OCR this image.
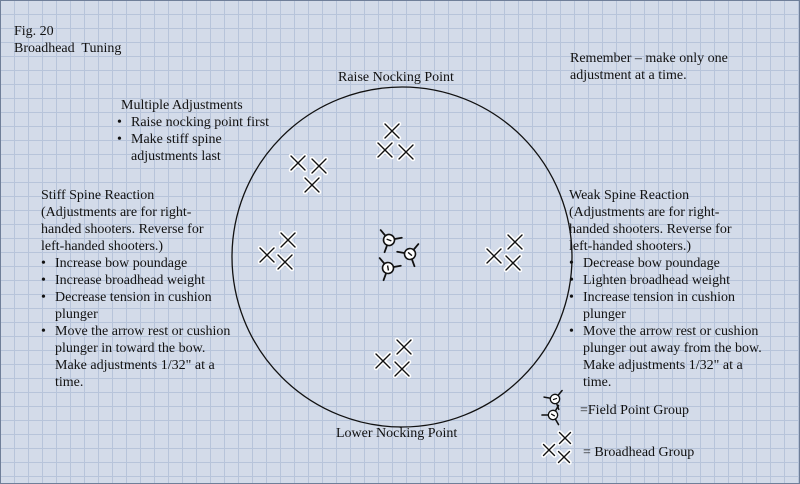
Fig. 20
Broadhead  Tuning
Remember – make only one
adjustment at a time.
Raise Nocking Point
Lower Nocking Point
Multiple Adjustments
• Raise nocking point first
• Make stiff spine
adjustments last
Stiff Spine Reaction
(Adjustments are for right-
handed shooters. Reverse for
left-handed shooters.)
• Increase bow poundage
• Increase broadhead weight
• Decrease tension in cushion
plunger
• Move the arrow rest or cushion
plunger in toward the bow.
Make adjustments 1/32" at a
time.
Weak Spine Reaction
(Adjustments are for right-
handed shooters. Reverse for
left-handed shooters.)
• Decrease bow poundage
• Lighten broadhead weight
• Increase tension in cushion
plunger
• Move the arrow rest or cushion
plunger out away from the bow.
Make adjustments 1/32" at a
time.
=Field Point Group
= Broadhead Group
